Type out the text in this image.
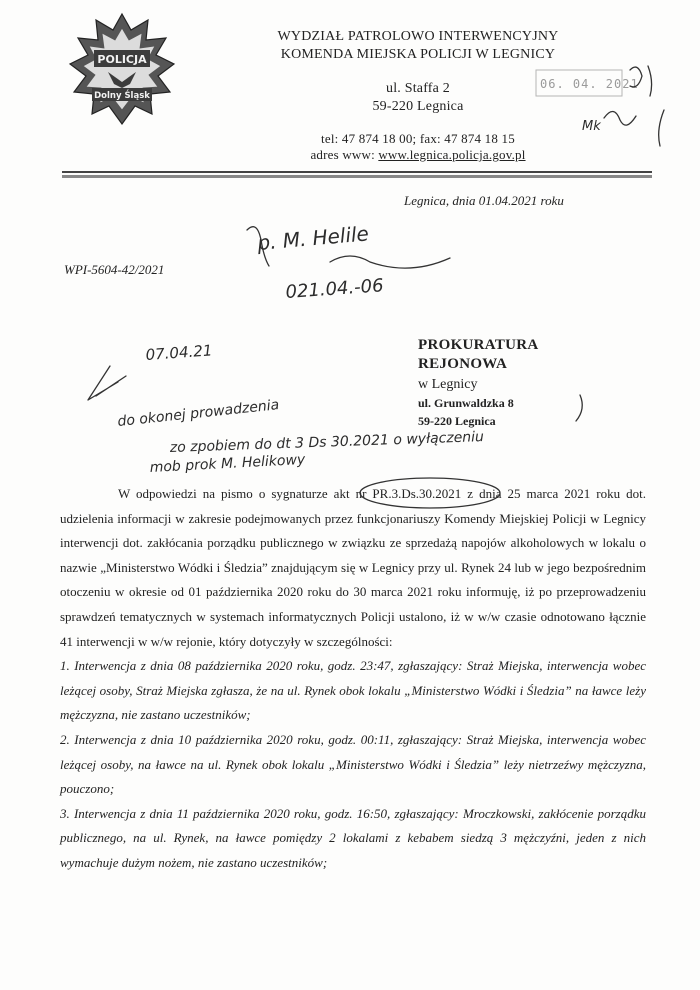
POLICJA
Dolny Śląsk
WYDZIAŁ PATROLOWO INTERWENCYJNY
KOMENDA MIEJSKA POLICJI W LEGNICY
ul. Staffa 2
59-220 Legnica
tel: 47 874 18 00; fax: 47 874 18 15
adres www: www.legnica.policja.gov.pl
06. 04. 2021
Legnica, dnia 01.04.2021 roku
WPI-5604-42/2021
PROKURATURA
REJONOWA
w Legnicy
ul. Grunwaldzka 8
59-220 Legnica

W odpowiedzi na pismo o sygnaturze akt nr PR.3.Ds.30.2021 z dnia 25 marca 2021 roku dot. udzielenia informacji w zakresie podejmowanych przez funkcjonariuszy Komendy Miejskiej Policji w Legnicy interwencji dot. zakłócania porządku publicznego w związku ze sprzedażą napojów alkoholowych w lokalu o nazwie „Ministerstwo Wódki i Śledzia” znajdującym się w Legnicy przy ul. Rynek 24 lub w jego bezpośrednim otoczeniu w okresie od 01 października 2020 roku do 30 marca 2021 roku informuję, iż po przeprowadzeniu sprawdzeń tematycznych w systemach informatycznych Policji ustalono, iż w w/w czasie odnotowano łącznie 41 interwencji w w/w rejonie, który dotyczyły w szczególności:

1. Interwencja z dnia 08 października 2020 roku, godz. 23:47, zgłaszający: Straż Miejska, interwencja wobec leżącej osoby, Straż Miejska zgłasza, że na ul. Rynek obok lokalu „Ministerstwo Wódki i Śledzia” na ławce leży mężczyzna, nie zastano uczestników;

2. Interwencja z dnia 10 października 2020 roku, godz. 00:11, zgłaszający: Straż Miejska, interwencja wobec leżącej osoby, na ławce na ul. Rynek obok lokalu „Ministerstwo Wódki i Śledzia” leży nietrzeźwy mężczyzna, pouczono;

3. Interwencja z dnia 11 października 2020 roku, godz. 16:50, zgłaszający: Mroczkowski, zakłócenie porządku publicznego, na ul. Rynek, na ławce pomiędzy 2 lokalami z kebabem siedzą 3 mężczyźni, jeden z nich wymachuje dużym nożem, nie zastano uczestników;

p. M. Helile
021.04.-06
07.04.21
do okonej prowadzenia
zo zpobiem do dt 3 Ds 30.2021 o wyłączeniu
mob prok M. Helikowy
Mk
